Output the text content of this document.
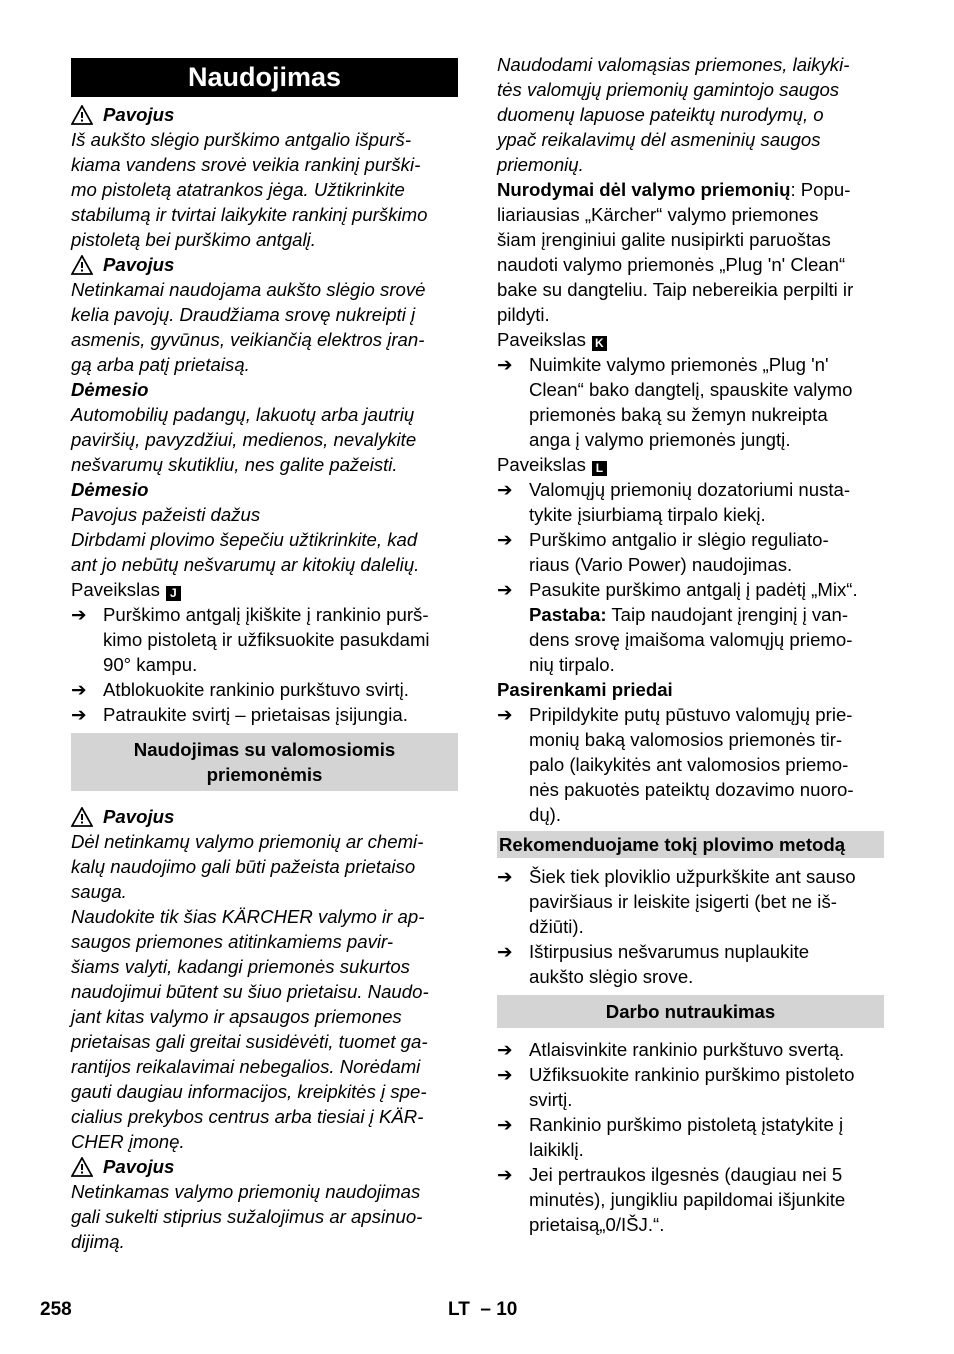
Naudojimas
Pavojus

Iš aukšto slėgio purškimo antgalio išpurš-

kiama vandens srovė veikia rankinį purški-

mo pistoletą atatrankos jėga. Užtikrinkite

stabilumą ir tvirtai laikykite rankinį purškimo

pistoletą bei purškimo antgalį.

Pavojus

Netinkamai naudojama aukšto slėgio srovė

kelia pavojų. Draudžiama srovę nukreipti į

asmenis, gyvūnus, veikiančią elektros įran-

gą arba patį prietaisą.

Dėmesio

Automobilių padangų, lakuotų arba jautrių

paviršių, pavyzdžiui, medienos, nevalykite

nešvarumų skutikliu, nes galite pažeisti.

Dėmesio

Pavojus pažeisti dažus

Dirbdami plovimo šepečiu užtikrinkite, kad

ant jo nebūtų nešvarumų ar kitokių dalelių.

Paveikslas J

➔ Purškimo antgalį įkiškite į rankinio purš-

kimo pistoletą ir užfiksuokite pasukdami

90° kampu.

➔ Atblokuokite rankinio purkštuvo svirtį.

➔ Patraukite svirtį – prietaisas įsijungia.

Naudojimas su valomosiomis

priemonėmis

Pavojus

Dėl netinkamų valymo priemonių ar chemi-

kalų naudojimo gali būti pažeista prietaiso

sauga.

Naudokite tik šias KÄRCHER valymo ir ap-

saugos priemones atitinkamiems pavir-

šiams valyti, kadangi priemonės sukurtos

naudojimui būtent su šiuo prietaisu. Naudo-

jant kitas valymo ir apsaugos priemones

prietaisas gali greitai susidėvėti, tuomet ga-

rantijos reikalavimai nebegalios. Norėdami

gauti daugiau informacijos, kreipkitės į spe-

cialius prekybos centrus arba tiesiai į KÄR-

CHER įmonę.

Pavojus

Netinkamas valymo priemonių naudojimas

gali sukelti stiprius sužalojimus ar apsinuo-

dijimą.

Naudodami valomąsias priemones, laikyki-

tės valomųjų priemonių gamintojo saugos

duomenų lapuose pateiktų nurodymų, o

ypač reikalavimų dėl asmeninių saugos

priemonių.

Nurodymai dėl valymo priemonių: Popu-

liariausias „Kärcher“ valymo priemones

šiam įrenginiui galite nusipirkti paruoštas

naudoti valymo priemonės „Plug 'n' Clean“

bake su dangteliu. Taip nebereikia perpilti ir

pildyti.

Paveikslas K

➔ Nuimkite valymo priemonės „Plug 'n'

Clean“ bako dangtelį, spauskite valymo

priemonės baką su žemyn nukreipta

anga į valymo priemonės jungtį.

Paveikslas L

➔ Valomųjų priemonių dozatoriumi nusta-

tykite įsiurbiamą tirpalo kiekį.

➔ Purškimo antgalio ir slėgio reguliato-

riaus (Vario Power) naudojimas.

➔ Pasukite purškimo antgalį į padėtį „Mix“.

Pastaba: Taip naudojant įrenginį į van-

dens srovę įmaišoma valomųjų priemo-

nių tirpalo.

Pasirenkami priedai

➔ Pripildykite putų pūstuvo valomųjų prie-

monių baką valomosios priemonės tir-

palo (laikykitės ant valomosios priemo-

nės pakuotės pateiktų dozavimo nuoro-

dų).

Rekomenduojame tokį plovimo metodą
➔ Šiek tiek ploviklio užpurkškite ant sauso

paviršiaus ir leiskite įsigerti (bet ne iš-

džiūti).

➔ Ištirpusius nešvarumus nuplaukite

aukšto slėgio srove.

Darbo nutraukimas
➔ Atlaisvinkite rankinio purkštuvo svertą.

➔ Užfiksuokite rankinio purškimo pistoleto

svirtį.

➔ Rankinio purškimo pistoletą įstatykite į

laikiklį.

➔ Jei pertraukos ilgesnės (daugiau nei 5

minutės), jungikliu papildomai išjunkite

prietaisą„0/IŠJ.“.

258	LT  – 10
